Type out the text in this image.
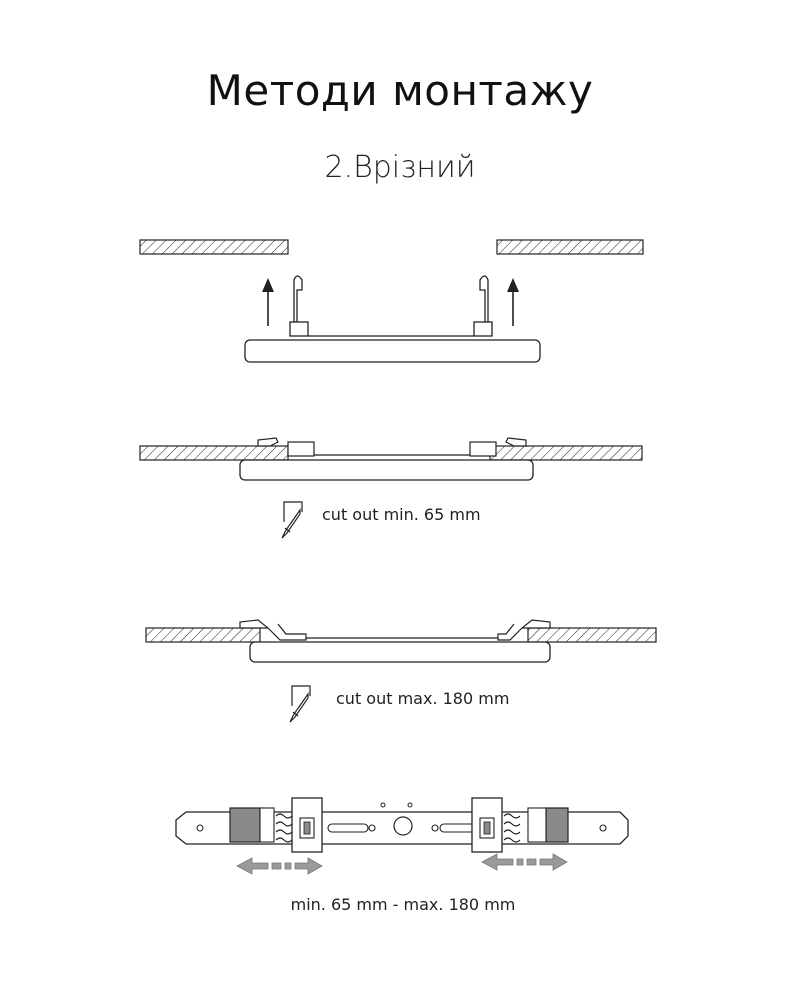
Методи монтажу
2.Врізний
cut out min. 65 mm
cut out max. 180 mm
min. 65 mm - max. 180 mm
